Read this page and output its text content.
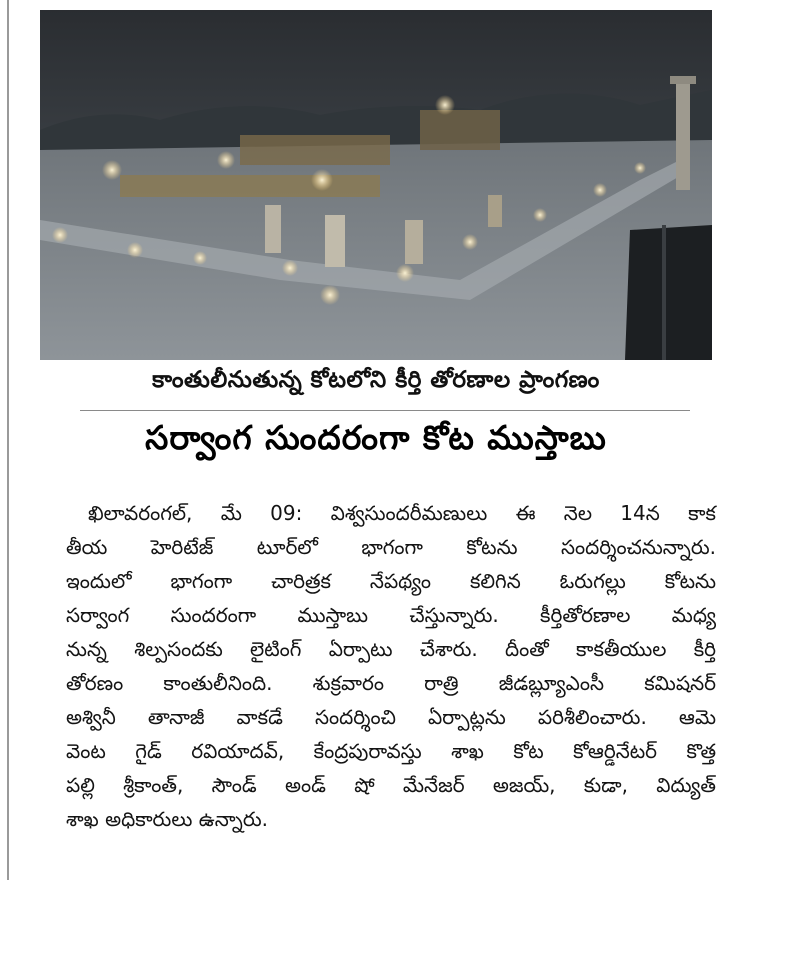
కాంతులీనుతున్న కోటలోని కీర్తి తోరణాల ప్రాంగణం
సర్వాంగ సుందరంగా కోట ముస్తాబు
ఖిలావరంగల్, మే 09: విశ్వసుందరీమణులు ఈ నెల 14న కాక
తీయ హెరిటేజ్ టూర్‌లో భాగంగా కోటను సందర్శించనున్నారు.
ఇందులో భాగంగా చారిత్రక నేపథ్యం కలిగిన ఓరుగల్లు కోటను
సర్వాంగ సుందరంగా ముస్తాబు చేస్తున్నారు. కీర్తితోరణాల మధ్య
నున్న శిల్పసందకు లైటింగ్ ఏర్పాటు చేశారు. దీంతో కాకతీయుల కీర్తి
తోరణం కాంతులీనింది. శుక్రవారం రాత్రి జీడబ్ల్యూఎంసీ కమిషనర్
అశ్వినీ తానాజీ వాకడే సందర్శించి ఏర్పాట్లను పరిశీలించారు. ఆమె
వెంట గైడ్ రవియాదవ్, కేంద్రపురావస్తు శాఖ కోట కోఆర్డినేటర్ కొత్త
పల్లి శ్రీకాంత్, సౌండ్ అండ్ షో మేనేజర్ అజయ్, కుడా, విద్యుత్
శాఖ అధికారులు ఉన్నారు.
